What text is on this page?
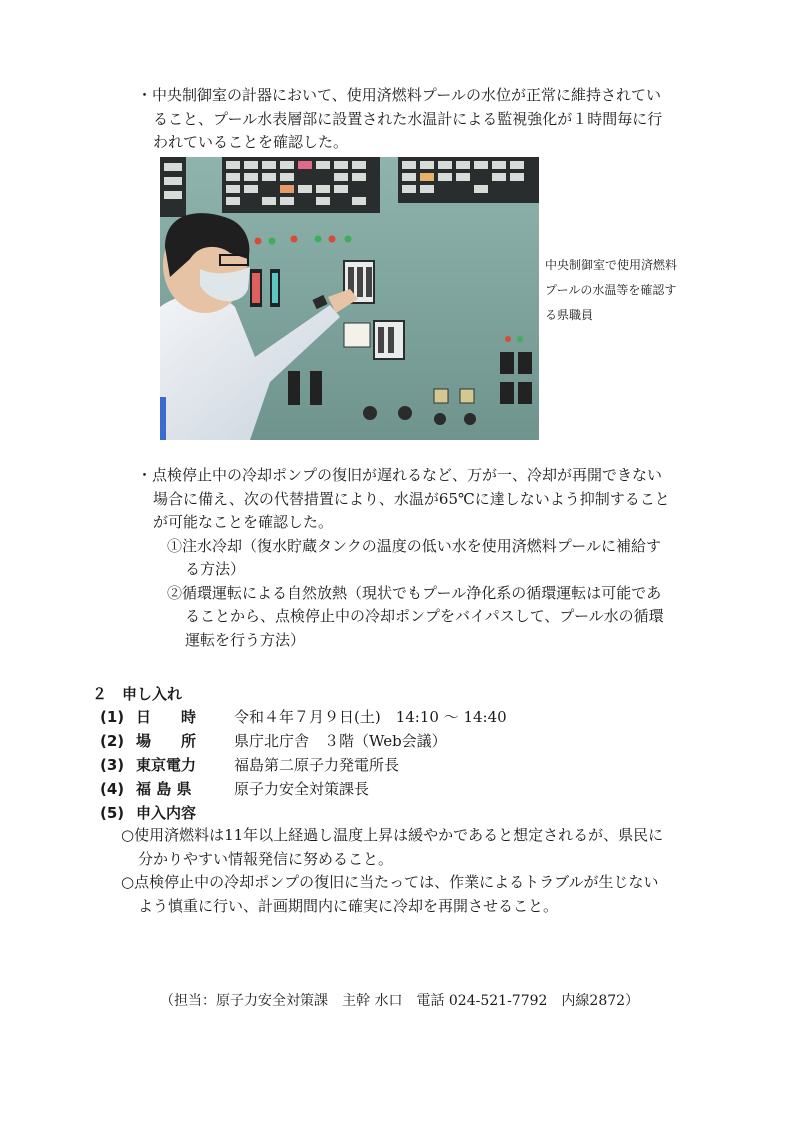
・中央制御室の計器において、使用済燃料プールの水位が正常に維持されてい
ること、プール水表層部に設置された水温計による監視強化が１時間毎に行
われていることを確認した。
中央制御室で使用済燃料
プールの水温等を確認す
る県職員
・点検停止中の冷却ポンプの復旧が遅れるなど、万が一、冷却が再開できない
場合に備え、次の代替措置により、水温が65℃に達しないよう抑制すること
が可能なことを確認した。
①注水冷却（復水貯蔵タンクの温度の低い水を使用済燃料プールに補給す
る方法）
②循環運転による自然放熱（現状でもプール浄化系の循環運転は可能であ
ることから、点検停止中の冷却ポンプをバイパスして、プール水の循環
運転を行う方法）
２　申し入れ
(1) 日　　時	令和４年７月９日(土)　14:10 ～ 14:40
(2) 場　　所	県庁北庁舎　３階（Web会議）
(3) 東京電力	福島第二原子力発電所長
(4) 福 島 県	原子力安全対策課長
(5) 申入内容
○使用済燃料は11年以上経過し温度上昇は緩やかであると想定されるが、県民に
分かりやすい情報発信に努めること。
○点検停止中の冷却ポンプの復旧に当たっては、作業によるトラブルが生じない
よう慎重に行い、計画期間内に確実に冷却を再開させること。
（担当：原子力安全対策課　主幹 水口　電話 024-521-7792　内線2872）
